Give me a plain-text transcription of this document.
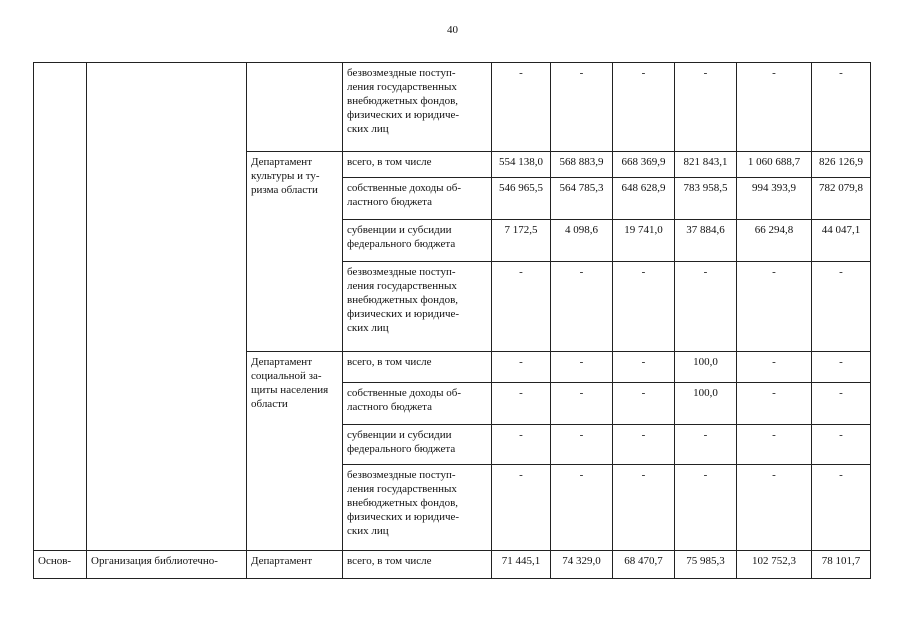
40
			безвозмездные поступ-
ления государственных
внебюджетных фондов,
физических и юридиче-
ских лиц	-	-	-	-	-	-
		Департамент
культуры и ту-
ризма области	всего, в том числе	554 138,0	568 883,9	668 369,9	821 843,1	1 060 688,7	826 126,9
			собственные доходы об-
ластного бюджета	546 965,5	564 785,3	648 628,9	783 958,5	994 393,9	782 079,8
			субвенции и субсидии
федерального бюджета	7 172,5	4 098,6	19 741,0	37 884,6	66 294,8	44 047,1
			безвозмездные поступ-
ления государственных
внебюджетных фондов,
физических и юридиче-
ских лиц	-	-	-	-	-	-
		Департамент
социальной за-
щиты населения
области	всего, в том числе	-	-	-	100,0	-	-
			собственные доходы об-
ластного бюджета	-	-	-	100,0	-	-
			субвенции и субсидии
федерального бюджета	-	-	-	-	-	-
			безвозмездные поступ-
ления государственных
внебюджетных фондов,
физических и юридиче-
ских лиц	-	-	-	-	-	-
Основ-	Организация библиотечно-	Департамент	всего, в том числе	71 445,1	74 329,0	68 470,7	75 985,3	102 752,3	78 101,7
